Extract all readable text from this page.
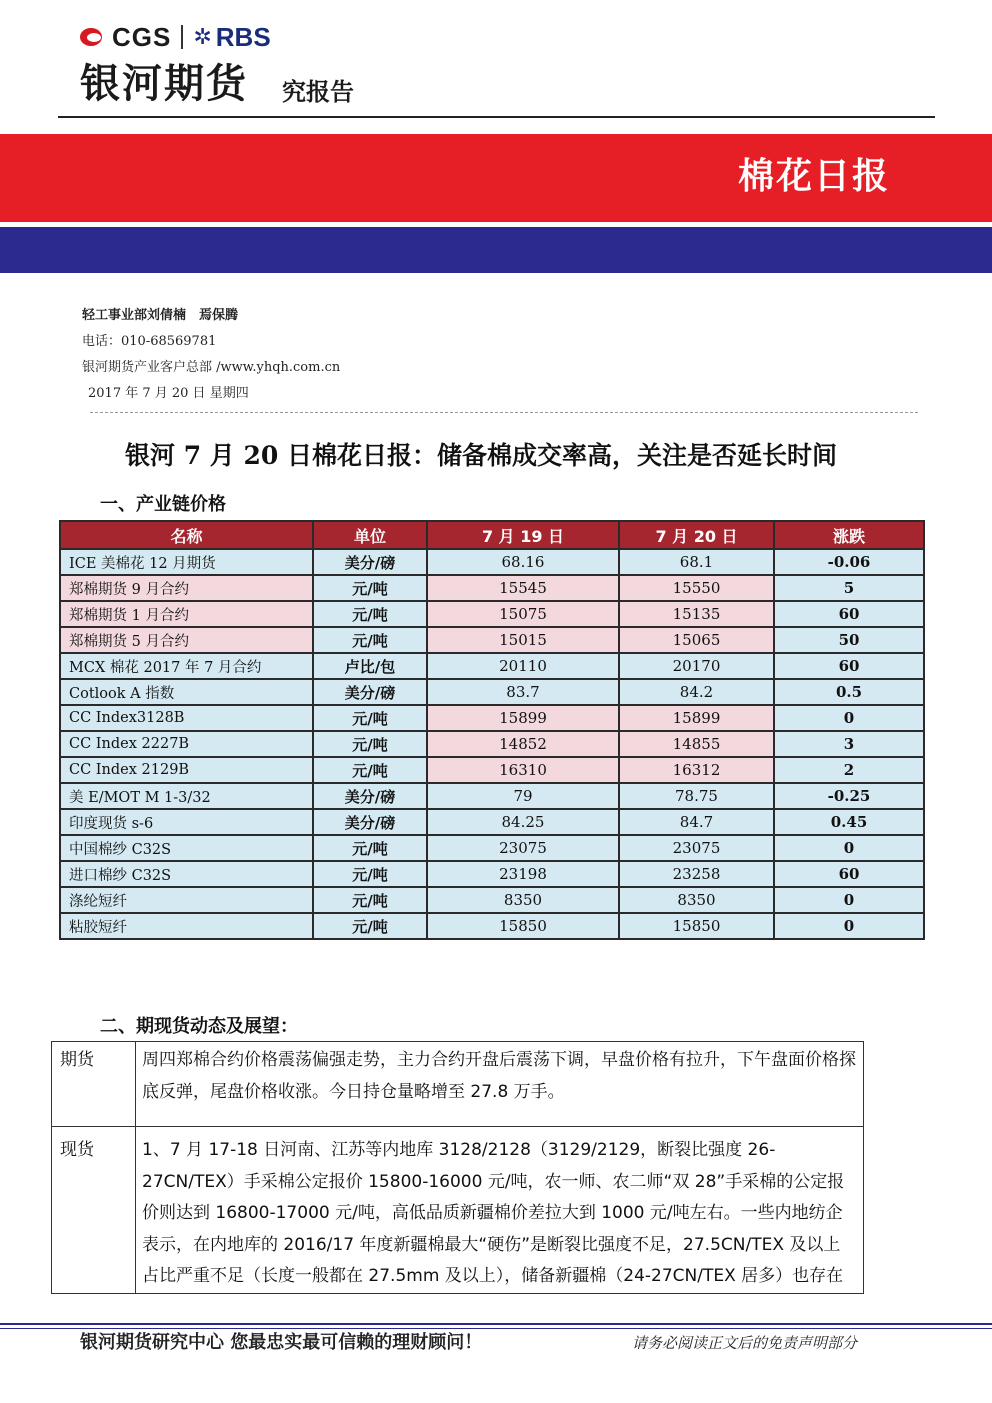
CGS ✲ RBS
银河期货 究报告
棉花日报
轻工事业部刘倩楠　焉保腾
电话：010-68569781
银河期货产业客户总部 /www.yhqh.com.cn
2017 年 7 月 20 日 星期四
银河 7 月 20 日棉花日报：储备棉成交率高，关注是否延长时间
一、产业链价格
名称	单位	7 月 19 日	7 月 20 日	涨跌
ICE 美棉花 12 月期货	美分/磅	68.16	68.1	-0.06
郑棉期货 9 月合约	元/吨	15545	15550	5
郑棉期货 1 月合约	元/吨	15075	15135	60
郑棉期货 5 月合约	元/吨	15015	15065	50
MCX 棉花 2017 年 7 月合约	卢比/包	20110	20170	60
Cotlook A 指数	美分/磅	83.7	84.2	0.5
CC Index3128B	元/吨	15899	15899	0
CC Index 2227B	元/吨	14852	14855	3
CC Index 2129B	元/吨	16310	16312	2
美 E/MOT M 1-3/32	美分/磅	79	78.75	-0.25
印度现货 s-6	美分/磅	84.25	84.7	0.45
中国棉纱 C32S	元/吨	23075	23075	0
进口棉纱 C32S	元/吨	23198	23258	60
涤纶短纤	元/吨	8350	8350	0
粘胶短纤	元/吨	15850	15850	0
二、期现货动态及展望：
期货	周四郑棉合约价格震荡偏强走势，主力合约开盘后震荡下调，早盘价格有拉升，下午盘面价格探底反弹，尾盘价格收涨。今日持仓量略增至 27.8 万手。
现货	1、7 月 17-18 日河南、江苏等内地库 3128/2128（3129/2129，断裂比强度 26-27CN/TEX）手采棉公定报价 15800-16000 元/吨，农一师、农二师“双 28”手采棉的公定报价则达到 16800-17000 元/吨，高低品质新疆棉价差拉大到 1000 元/吨左右。一些内地纺企表示，在内地库的 2016/17 年度新疆棉最大“硬伤”是断裂比强度不足，27.5CN/TEX 及以上占比严重不足（长度一般都在 27.5mm 及以上），储备新疆棉（24-27CN/TEX 居多）也存在
银河期货研究中心 您最忠实最可信赖的理财顾问！	请务必阅读正文后的免责声明部分
